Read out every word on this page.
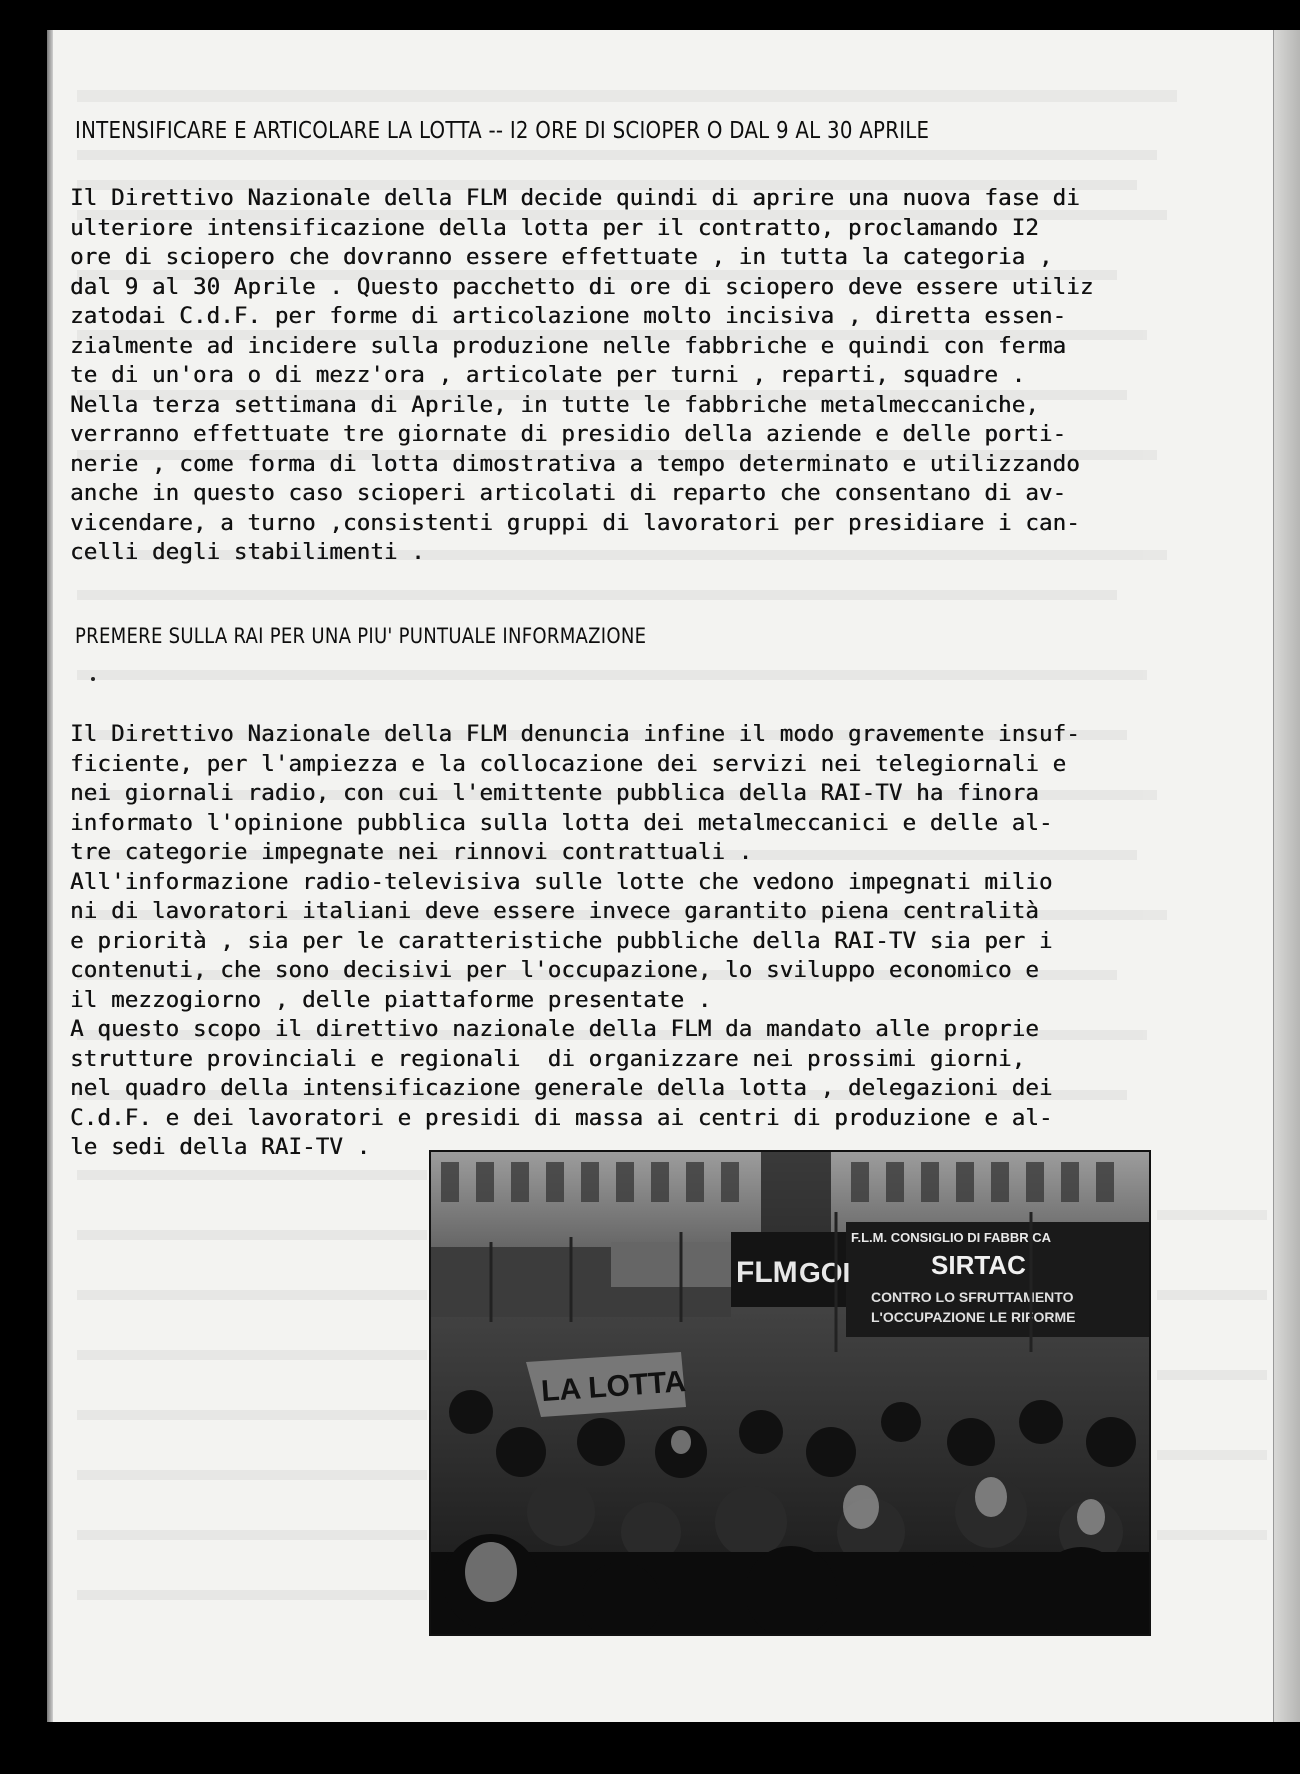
INTENSIFICARE E ARTICOLARE LA LOTTA -- I2 ORE DI SCIOPER O DAL 9 AL 30 APRILE
Il Direttivo Nazionale della FLM decide quindi di aprire una nuova fase di
ulteriore intensificazione della lotta per il contratto, proclamando I2
ore di sciopero che dovranno essere effettuate , in tutta la categoria ,
dal 9 al 30 Aprile . Questo pacchetto di ore di sciopero deve essere utiliz
zatodai C.d.F. per forme di articolazione molto incisiva , diretta essen-
zialmente ad incidere sulla produzione nelle fabbriche e quindi con ferma
te di un'ora o di mezz'ora , articolate per turni , reparti, squadre .
Nella terza settimana di Aprile, in tutte le fabbriche metalmeccaniche,
verranno effettuate tre giornate di presidio della aziende e delle porti-
nerie , come forma di lotta dimostrativa a tempo determinato e utilizzando
anche in questo caso scioperi articolati di reparto che consentano di av-
vicendare, a turno ,consistenti gruppi di lavoratori per presidiare i can-
celli degli stabilimenti .
PREMERE SULLA RAI PER UNA PIU' PUNTUALE INFORMAZIONE
Il Direttivo Nazionale della FLM denuncia infine il modo gravemente insuf-
ficiente, per l'ampiezza e la collocazione dei servizi nei telegiornali e
nei giornali radio, con cui l'emittente pubblica della RAI-TV ha finora
informato l'opinione pubblica sulla lotta dei metalmeccanici e delle al-
tre categorie impegnate nei rinnovi contrattuali .
All'informazione radio-televisiva sulle lotte che vedono impegnati milio
ni di lavoratori italiani deve essere invece garantito piena centralità
e priorità , sia per le caratteristiche pubbliche della RAI-TV sia per i
contenuti, che sono decisivi per l'occupazione, lo sviluppo economico e
il mezzogiorno , delle piattaforme presentate .
A questo scopo il direttivo nazionale della FLM da mandato alle proprie
strutture provinciali e regionali  di organizzare nei prossimi giorni,
nel quadro della intensificazione generale della lotta , delegazioni dei
C.d.F. e dei lavoratori e presidi di massa ai centri di produzione e al-
le sedi della RAI-TV .
FLM GOI
F.L.M. CONSIGLIO DI FABBRICA
SIRTAC
CONTRO LO SFRUTTAMENTO
L'OCCUPAZIONE LE RIFORME
LA LOTTA
